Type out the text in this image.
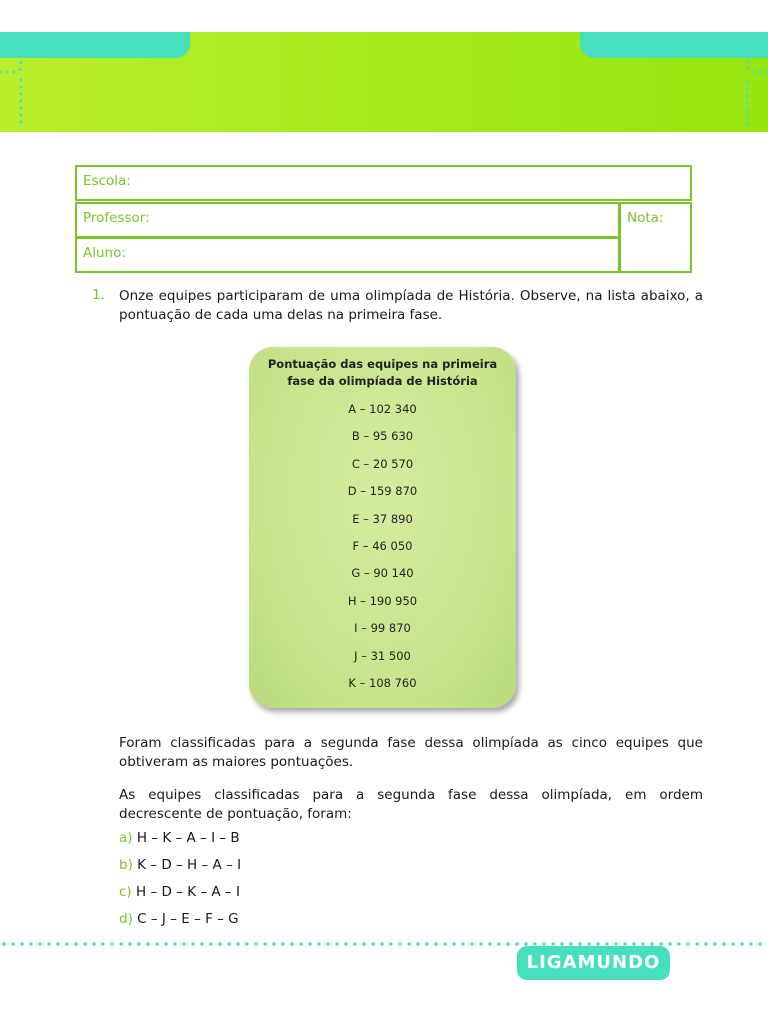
Escola:
Professor:
Aluno:
Nota:
1. Onze equipes participaram de uma olimpíada de História. Observe, na lista abaixo, a pontuação de cada uma delas na primeira fase.
Pontuação das equipes na primeira
fase da olimpíada de História
A – 102 340
B – 95 630
C – 20 570
D – 159 870
E – 37 890
F – 46 050
G – 90 140
H – 190 950
I – 99 870
J – 31 500
K – 108 760
Foram classificadas para a segunda fase dessa olimpíada as cinco equipes que obtiveram as maiores pontuações.
As equipes classificadas para a segunda fase dessa olimpíada, em ordem decrescente de pontuação, foram:
a) H – K – A – I – B
b) K – D – H – A – I
c) H – D – K – A – I
d) C – J – E – F – G
LIGAMUNDO
